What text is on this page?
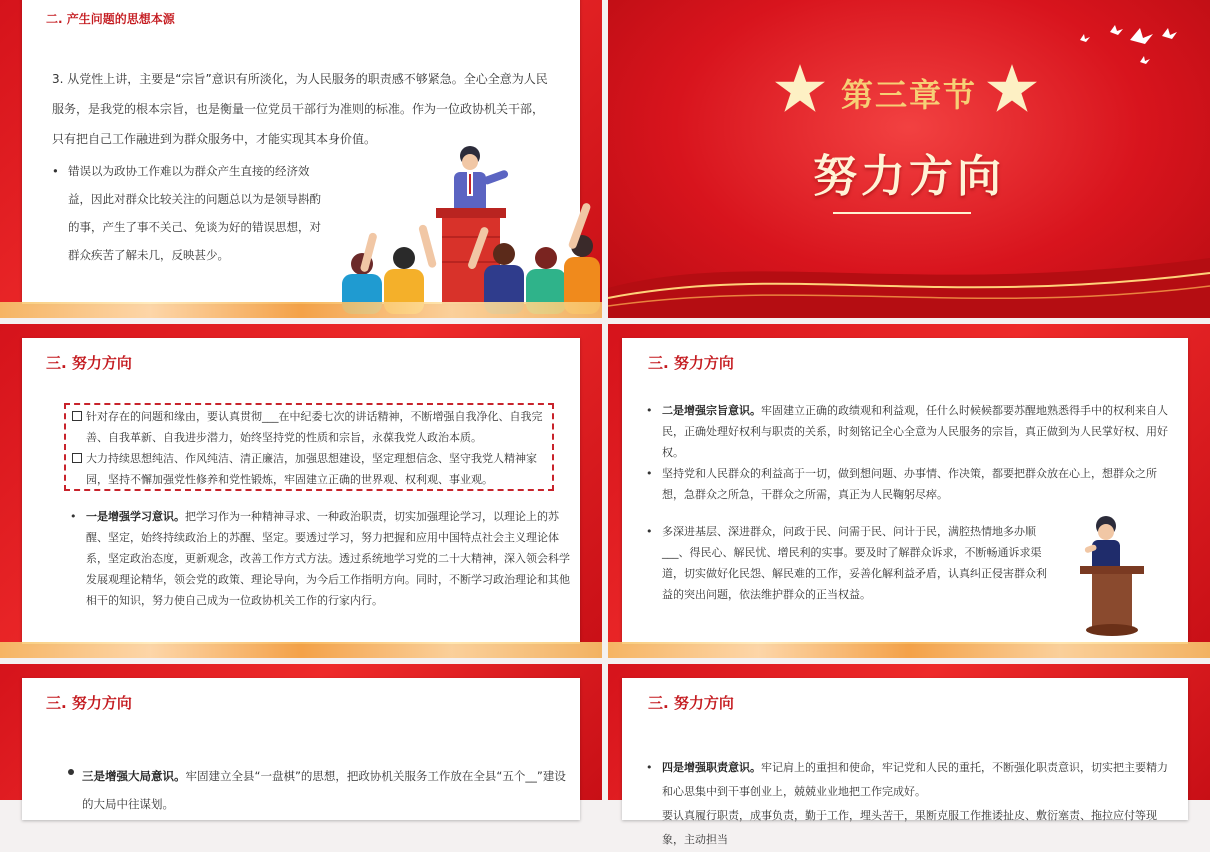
二. 产生问题的思想本源
3. 从党性上讲，主要是“宗旨”意识有所淡化，为人民服务的职责感不够紧急。全心全意为人民服务，是我党的根本宗旨，也是衡量一位党员干部行为准则的标准。作为一位政协机关干部，只有把自己工作融进到为群众服务中，才能实现其本身价值。
• 错误以为政协工作难以为群众产生直接的经济效益，因此对群众比较关注的问题总以为是领导斟酌的事，产生了事不关己、免谈为好的错误思想，对群众疾苦了解未几，反映甚少。
第三章节
努力方向
三. 努力方向
针对存在的问题和缘由，要认真贯彻___在中纪委七次的讲话精神，不断增强自我净化、自我完善、自我革新、自我进步潜力，始终坚持党的性质和宗旨，永葆我党人政治本质。
大力持续思想纯洁、作风纯洁、清正廉洁，加强思想建设，坚定理想信念、坚守我党人精神家园，坚持不懈加强党性修养和党性锻炼，牢固建立正确的世界观、权利观、事业观。
• 一是增强学习意识。把学习作为一种精神寻求、一种政治职责，切实加强理论学习，以理论上的苏醒、坚定，始终持续政治上的苏醒、坚定。要透过学习，努力把握和应用中国特点社会主义理论体系，坚定政治态度，更新观念，改善工作方式方法。透过系统地学习党的二十大精神，深入领会科学发展观理论精华，领会党的政策、理论导向，为今后工作指明方向。同时，不断学习政治理论和其他相干的知识，努力使自己成为一位政协机关工作的行家内行。
三. 努力方向
• 二是增强宗旨意识。牢固建立正确的政绩观和利益观，任什么时候候都要苏醒地熟悉得手中的权利来自人民，正确处理好权利与职责的关系，时刻铭记全心全意为人民服务的宗旨，真正做到为人民掌好权、用好权。
• 坚持党和人民群众的利益高于一切，做到想问题、办事情、作决策，都要把群众放在心上，想群众之所想，急群众之所急，干群众之所需，真正为人民鞠躬尽瘁。
• 多深进基层、深进群众，问政于民、问需于民、问计于民，满腔热情地多办顺___、得民心、解民忧、增民利的实事。要及时了解群众诉求，不断畅通诉求渠道，切实做好化民怨、解民难的工作，妥善化解利益矛盾，认真纠正侵害群众利益的突出问题，依法维护群众的正当权益。
三. 努力方向
三是增强大局意识。牢固建立全县“一盘棋”的思想，把政协机关服务工作放在全县“五个__”建设的大局中往谋划。
三. 努力方向
• 四是增强职责意识。牢记肩上的重担和使命，牢记党和人民的重托，不断强化职责意识，切实把主要精力和心思集中到干事创业上，兢兢业业地把工作完成好。
要认真履行职责，成事负责，勤于工作，埋头苦干，果断克服工作推诿扯皮、敷衍塞责、拖拉应付等现象，主动担当
